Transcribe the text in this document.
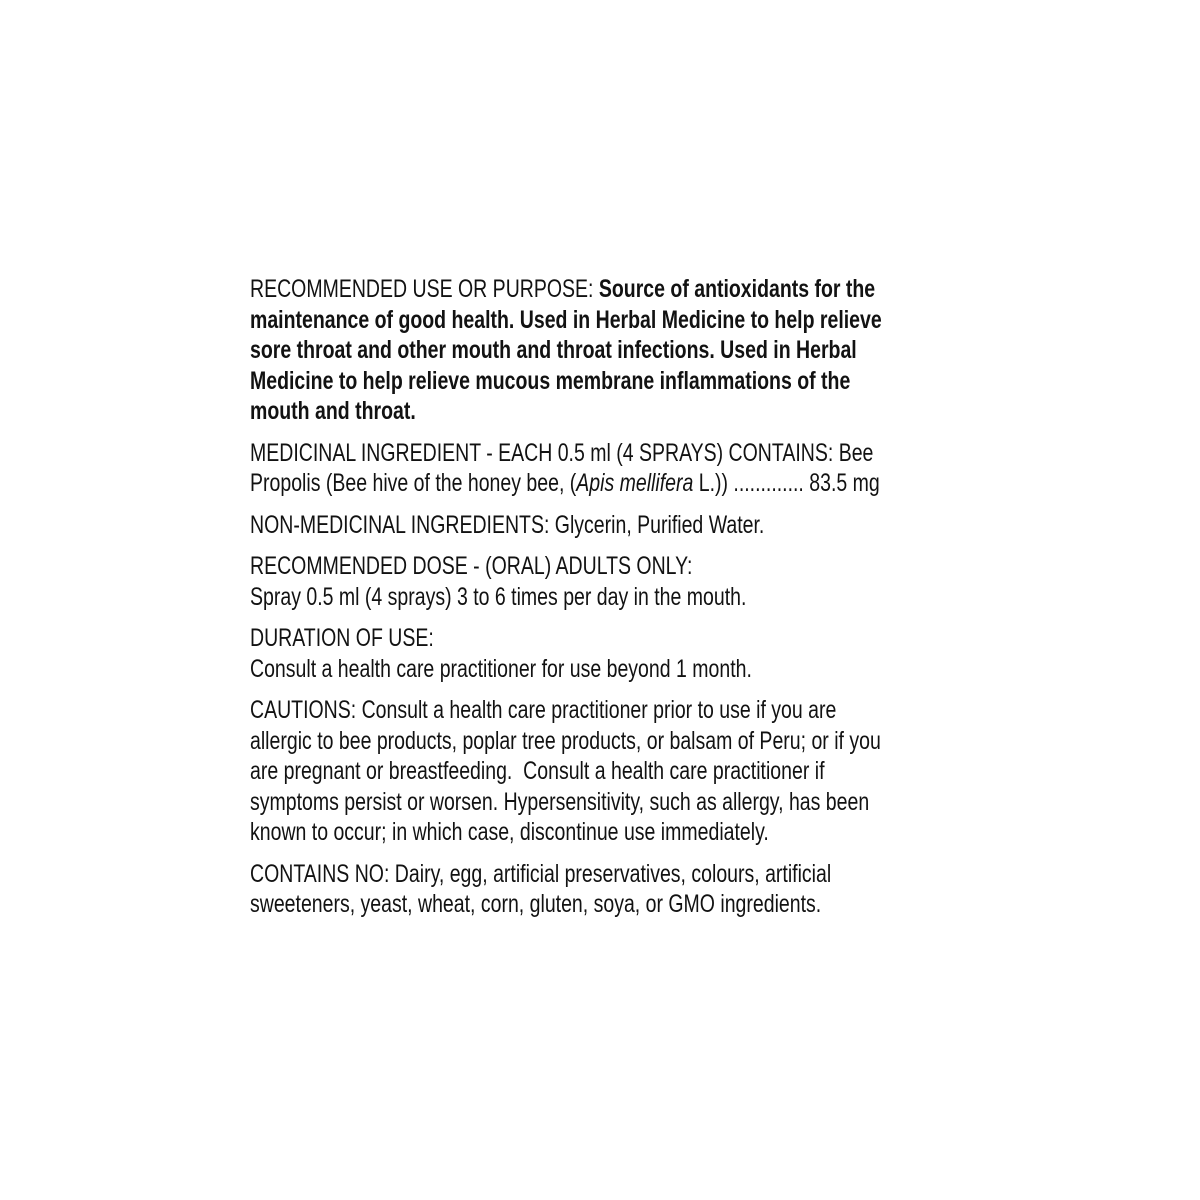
RECOMMENDED USE OR PURPOSE: Source of antioxidants for the
maintenance of good health. Used in Herbal Medicine to help relieve
sore throat and other mouth and throat infections. Used in Herbal
Medicine to help relieve mucous membrane inflammations of the
mouth and throat.
MEDICINAL INGREDIENT - EACH 0.5 ml (4 SPRAYS) CONTAINS: Bee
Propolis (Bee hive of the honey bee, (Apis mellifera L.)) ............. 83.5 mg
NON-MEDICINAL INGREDIENTS: Glycerin, Purified Water.
RECOMMENDED DOSE - (ORAL) ADULTS ONLY:
Spray 0.5 ml (4 sprays) 3 to 6 times per day in the mouth.
DURATION OF USE:
Consult a health care practitioner for use beyond 1 month.
CAUTIONS: Consult a health care practitioner prior to use if you are
allergic to bee products, poplar tree products, or balsam of Peru; or if you
are pregnant or breastfeeding.  Consult a health care practitioner if
symptoms persist or worsen. Hypersensitivity, such as allergy, has been
known to occur; in which case, discontinue use immediately.
CONTAINS NO: Dairy, egg, artificial preservatives, colours, artificial
sweeteners, yeast, wheat, corn, gluten, soya, or GMO ingredients.
